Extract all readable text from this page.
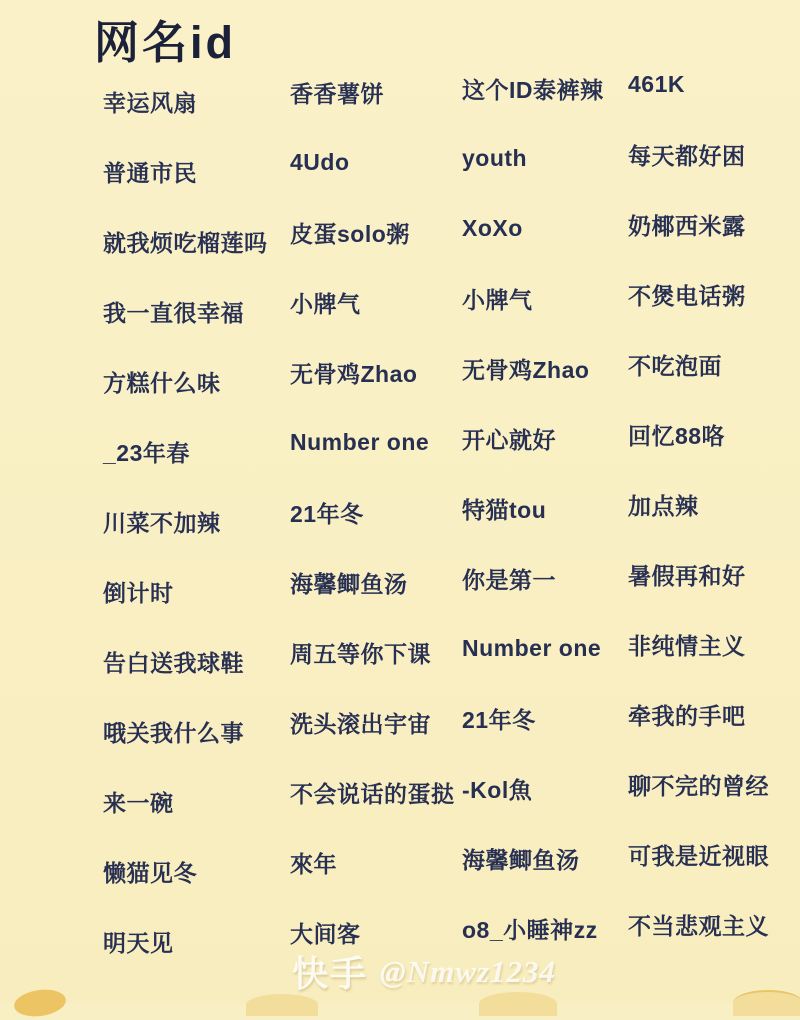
网名id
幸运风扇
普通市民
就我烦吃榴莲吗
我一直很幸福
方糕什么味
_23年春
川菜不加辣
倒计时
告白送我球鞋
哦关我什么事
来一碗
懒猫见冬
明天见
香香薯饼
4Udo
皮蛋solo粥
小牌气
无骨鸡Zhao
Number one
21年冬
海馨鲫鱼汤
周五等你下课
洗头滚出宇宙
不会说话的蛋挞
來年
大间客
这个ID泰裤辣
youth
XoXo
小牌气
无骨鸡Zhao
开心就好
特猫tou
你是第一
Number one
21年冬
-Kol魚
海馨鲫鱼汤
o8_小睡神zz
461K
每天都好困
奶椰西米露
不煲电话粥
不吃泡面
回忆88咯
加点辣
暑假再和好
非纯情主义
牵我的手吧
聊不完的曾经
可我是近视眼
不当悲观主义
快手 @Nmwz1234
